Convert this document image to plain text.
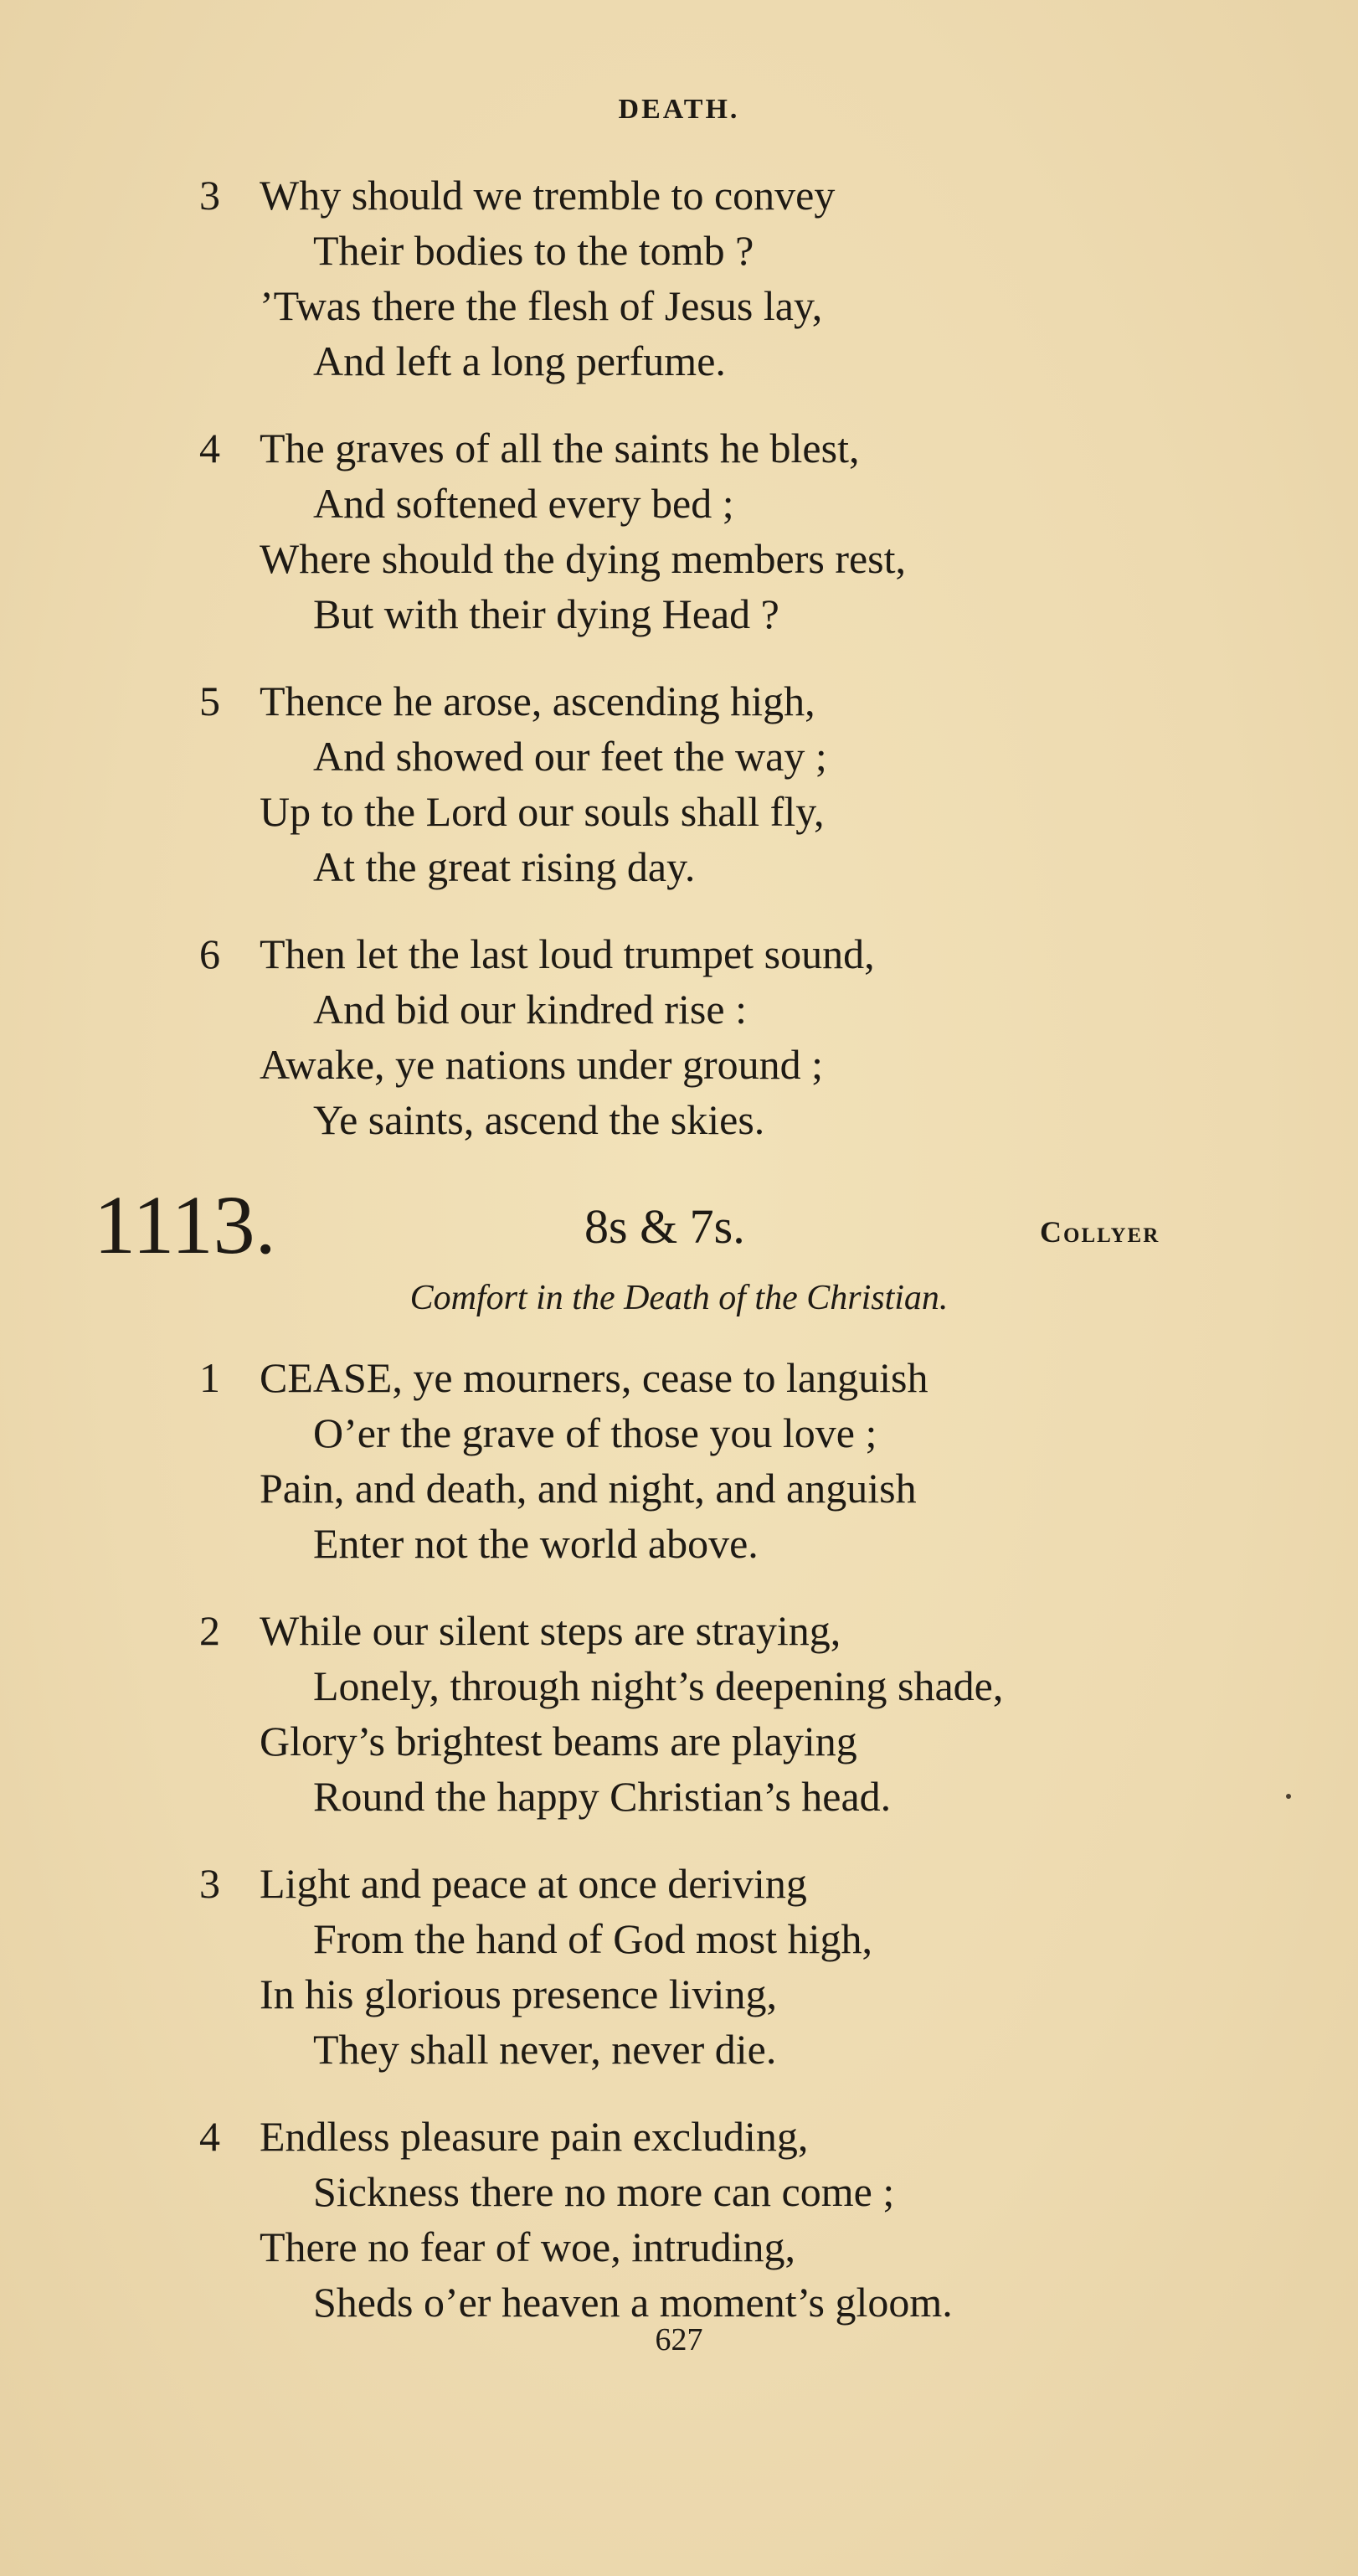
DEATH.
3 Why should we tremble to convey
Their bodies to the tomb ?
’Twas there the flesh of Jesus lay,
And left a long perfume.
4 The graves of all the saints he blest,
And softened every bed ;
Where should the dying members rest,
But with their dying Head ?
5 Thence he arose, ascending high,
And showed our feet the way ;
Up to the Lord our souls shall fly,
At the great rising day.
6 Then let the last loud trumpet sound,
And bid our kindred rise :
Awake, ye nations under ground ;
Ye saints, ascend the skies.
1113.	8s & 7s.	Collyer
Comfort in the Death of the Christian.
1 CEASE, ye mourners, cease to languish
O’er the grave of those you love ;
Pain, and death, and night, and anguish
Enter not the world above.
2 While our silent steps are straying,
Lonely, through night’s deepening shade,
Glory’s brightest beams are playing
Round the happy Christian’s head.
3 Light and peace at once deriving
From the hand of God most high,
In his glorious presence living,
They shall never, never die.
4 Endless pleasure pain excluding,
Sickness there no more can come ;
There no fear of woe, intruding,
Sheds o’er heaven a moment’s gloom.
627
